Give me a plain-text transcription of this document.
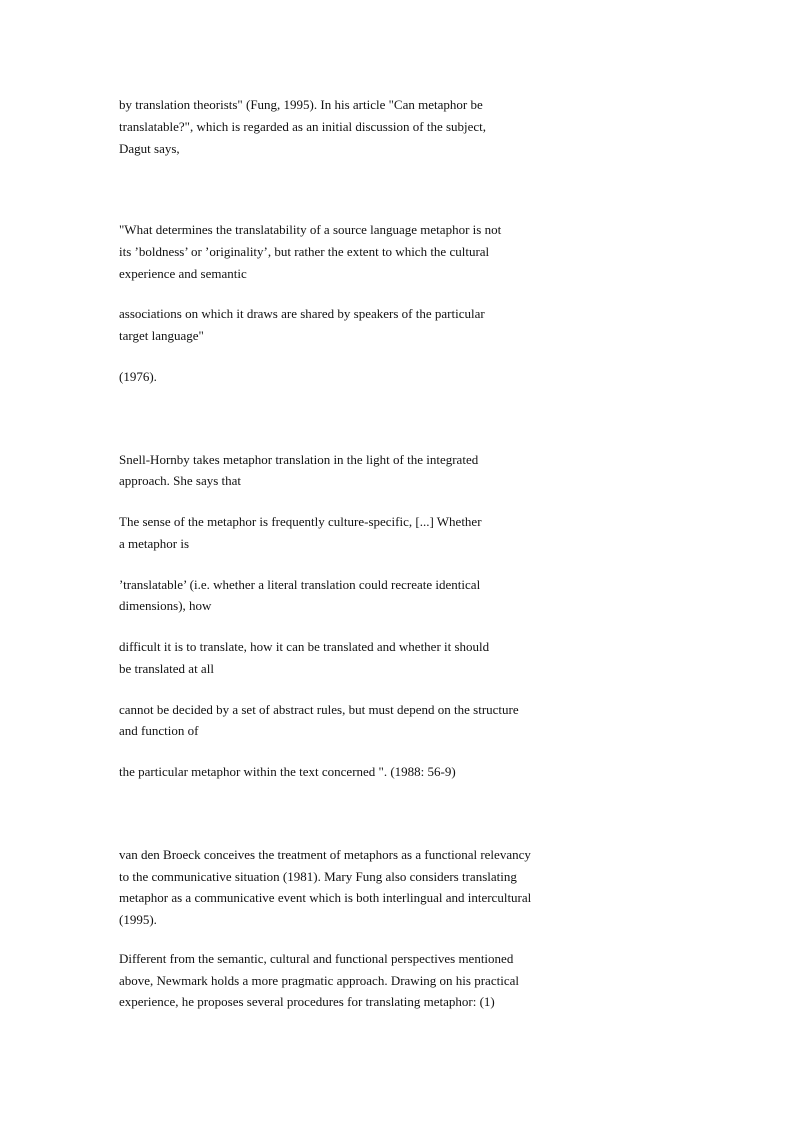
by translation theorists" (Fung, 1995). In his article "Can metaphor be
translatable?", which is regarded as an initial discussion of the subject,
Dagut says,
"What determines the translatability of a source language metaphor is not
its ’boldness’ or ’originality’, but rather the extent to which the cultural
experience and semantic
associations on which it draws are shared by speakers of the particular
target language"
(1976).
Snell-Hornby takes metaphor translation in the light of the integrated
approach. She says that
The sense of the metaphor is frequently culture-specific, [...] Whether
a metaphor is
’translatable’ (i.e. whether a literal translation could recreate identical
dimensions), how
difficult it is to translate, how it can be translated and whether it should
be translated at all
cannot be decided by a set of abstract rules, but must depend on the structure
and function of
the particular metaphor within the text concerned ". (1988: 56-9)
van den Broeck conceives the treatment of metaphors as a functional relevancy
to the communicative situation (1981). Mary Fung also considers translating
metaphor as a communicative event which is both interlingual and intercultural
(1995).
Different from the semantic, cultural and functional perspectives mentioned
above, Newmark holds a more pragmatic approach. Drawing on his practical
experience, he proposes several procedures for translating metaphor: (1)
